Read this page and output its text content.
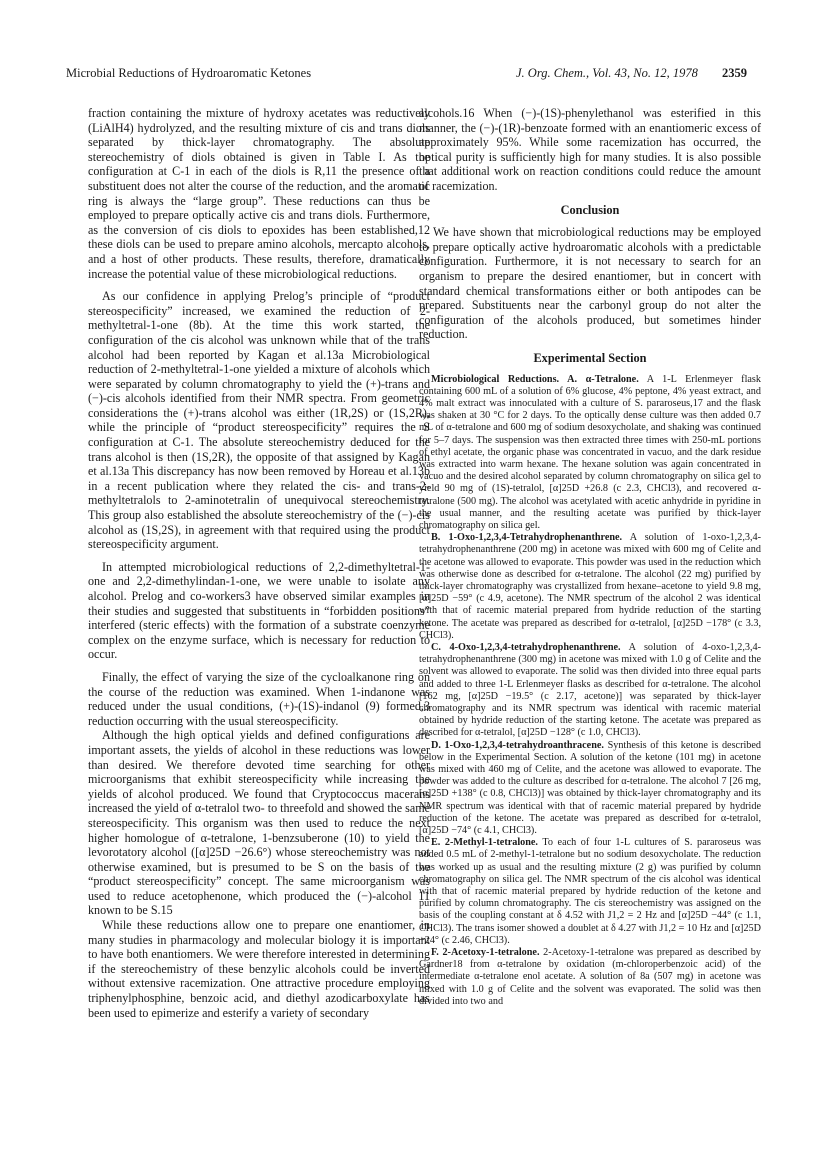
Microbial Reductions of Hydroaromatic Ketones	J. Org. Chem., Vol. 43, No. 12, 1978 2359

fraction containing the mixture of hydroxy acetates was reductively (LiAlH4) hydrolyzed, and the resulting mixture of cis and trans diols separated by thick-layer chromatography. The absolute stereochemistry of diols obtained is given in Table I. As the configuration at C-1 in each of the diols is R,11 the presence of a substituent does not alter the course of the reduction, and the aromatic ring is always the “large group”. These reductions can thus be employed to prepare optically active cis and trans diols. Furthermore, as the conversion of cis diols to epoxides has been established,12 these diols can be used to prepare amino alcohols, mercapto alcohols, and a host of other products. These results, therefore, dramatically increase the potential value of these microbiological reductions.

As our confidence in applying Prelog’s principle of “product stereospecificity” increased, we examined the reduction of 2-methyltetral-1-one (8b). At the time this work started, the configuration of the cis alcohol was unknown while that of the trans alcohol had been reported by Kagan et al.13a Microbiological reduction of 2-methyltetral-1-one yielded a mixture of alcohols which were separated by column chromatography to yield the (+)-trans and (−)-cis alcohols identified from their NMR spectra. From geometric considerations the (+)-trans alcohol was either (1R,2S) or (1S,2R), while the principle of “product stereospecificity” requires the S configuration at C-1. The absolute stereochemistry deduced for the trans alcohol is then (1S,2R), the opposite of that assigned by Kagan et al.13a This discrepancy has now been removed by Horeau et al.13b in a recent publication where they related the cis- and trans-2-methyltetralols to 2-aminotetralin of unequivocal stereochemistry. This group also established the absolute stereochemistry of the (−)-cis alcohol as (1S,2S), in agreement with that required using the product stereospecificity argument.

In attempted microbiological reductions of 2,2-dimethyltetral-1-one and 2,2-dimethylindan-1-one, we were unable to isolate any alcohol. Prelog and co-workers3 have observed similar examples in their studies and suggested that substituents in “forbidden positions” interfered (steric effects) with the formation of a substrate coenzyme complex on the enzyme surface, which is necessary for reduction to occur.

Finally, the effect of varying the size of the cycloalkanone ring on the course of the reduction was examined. When 1-indanone was reduced under the usual conditions, (+)-(1S)-indanol (9) formed,3 reduction occurring with the usual stereospecificity.

Although the high optical yields and defined configurations are important assets, the yields of alcohol in these reductions was lower than desired. We therefore devoted time searching for other microorganisms that exhibit stereospecificity while increasing the yields of alcohol produced. We found that Cryptococcus macerans increased the yield of α-tetralol two- to threefold and showed the same stereospecificity. This organism was then used to reduce the next higher homologue of α-tetralone, 1-benzsuberone (10) to yield the levorotatory alcohol ([α]25D −26.6°) whose stereochemistry was not otherwise examined, but is presumed to be S on the basis of the “product stereospecificity” concept. The same microorganism was used to reduce acetophenone, which produced the (−)-alcohol 11 known to be S.15

While these reductions allow one to prepare one enantiomer, in many studies in pharmacology and molecular biology it is important to have both enantiomers. We were therefore interested in determining if the stereochemistry of these benzylic alcohols could be inverted without extensive racemization. One attractive procedure employing triphenylphosphine, benzoic acid, and diethyl azodicarboxylate has been used to epimerize and esterify a variety of secondary

alcohols.16 When (−)-(1S)-phenylethanol was esterified in this manner, the (−)-(1R)-benzoate formed with an enantiomeric excess of approximately 95%. While some racemization has occurred, the optical purity is sufficiently high for many studies. It is also possible that additional work on reaction conditions could reduce the amount of racemization.

Conclusion

We have shown that microbiological reductions may be employed to prepare optically active hydroaromatic alcohols with a predictable configuration. Furthermore, it is not necessary to search for an organism to prepare the desired enantiomer, but in concert with standard chemical transformations either or both antipodes can be prepared. Substituents near the carbonyl group do not alter the configuration of the alcohols produced, but sometimes hinder reduction.

Experimental Section

Microbiological Reductions. A. α-Tetralone. A 1-L Erlenmeyer flask containing 600 mL of a solution of 6% glucose, 4% peptone, 4% yeast extract, and 4% malt extract was innoculated with a culture of S. pararoseus,17 and the flask was shaken at 30 °C for 2 days. To the optically dense culture was then added 0.7 mL of α-tetralone and 600 mg of sodium desoxycholate, and shaking was continued for 5–7 days. The suspension was then extracted three times with 250-mL portions of ethyl acetate, the organic phase was concentrated in vacuo, and the dark residue was extracted into warm hexane. The hexane solution was again concentrated in vacuo and the desired alcohol separated by column chromatography on silica gel to yield 90 mg of (1S)-tetralol, [α]25D +26.8 (c 2.3, CHCl3), and recovered α-tetralone (500 mg). The alcohol was acetylated with acetic anhydride in pyridine in the usual manner, and the resulting acetate was purified by thick-layer chromatography on silica gel.

B. 1-Oxo-1,2,3,4-Tetrahydrophenanthrene. A solution of 1-oxo-1,2,3,4-tetrahydrophenanthrene (200 mg) in acetone was mixed with 600 mg of Celite and the acetone was allowed to evaporate. This powder was used in the reduction which was otherwise done as described for α-tetralone. The alcohol (22 mg) purified by thick-layer chromatography was crystallized from hexane–acetone to yield 9.8 mg, [α]25D −59° (c 4.9, acetone). The NMR spectrum of the alcohol 2 was identical with that of racemic material prepared from hydride reduction of the starting ketone. The acetate was prepared as described for α-tetralol, [α]25D −178° (c 3.3, CHCl3).

C. 4-Oxo-1,2,3,4-tetrahydrophenanthrene. A solution of 4-oxo-1,2,3,4-tetrahydrophenanthrene (300 mg) in acetone was mixed with 1.0 g of Celite and the solvent was allowed to evaporate. The solid was then divided into three equal parts and added to three 1-L Erlenmeyer flasks as described for α-tetralone. The alcohol [162 mg, [α]25D −19.5° (c 2.17, acetone)] was separated by thick-layer chromatography and its NMR spectrum was identical with racemic material obtained by hydride reduction of the starting ketone. The acetate was prepared as described for α-tetralol, [α]25D −128° (c 1.0, CHCl3).

D. 1-Oxo-1,2,3,4-tetrahydroanthracene. Synthesis of this ketone is described below in the Experimental Section. A solution of the ketone (101 mg) in acetone was mixed with 460 mg of Celite, and the acetone was allowed to evaporate. The powder was added to the culture as described for α-tetralone. The alcohol 7 [26 mg, [α]25D +138° (c 0.8, CHCl3)] was obtained by thick-layer chromatography and its NMR spectrum was identical with that of racemic material prepared by hydride reduction of the ketone. The acetate was prepared as described for α-tetralol, [α]25D −74° (c 4.1, CHCl3).

E. 2-Methyl-1-tetralone. To each of four 1-L cultures of S. pararoseus was added 0.5 mL of 2-methyl-1-tetralone but no sodium desoxycholate. The reduction was worked up as usual and the resulting mixture (2 g) was purified by column chromatography on silica gel. The NMR spectrum of the cis alcohol was identical with that of racemic material prepared by hydride reduction of the ketone and purified by column chromatography. The cis stereochemistry was assigned on the basis of the coupling constant at δ 4.52 with J1,2 = 2 Hz and [α]25D −44° (c 1.1, CHCl3). The trans isomer showed a doublet at δ 4.27 with J1,2 = 10 Hz and [α]25D +24° (c 2.46, CHCl3).

F. 2-Acetoxy-1-tetralone. 2-Acetoxy-1-tetralone was prepared as described by Gardner18 from α-tetralone by oxidation (m-chloroperbenzoic acid) of the intermediate α-tetralone enol acetate. A solution of 8a (507 mg) in acetone was mixed with 1.0 g of Celite and the solvent was evaporated. The solid was then divided into two and
